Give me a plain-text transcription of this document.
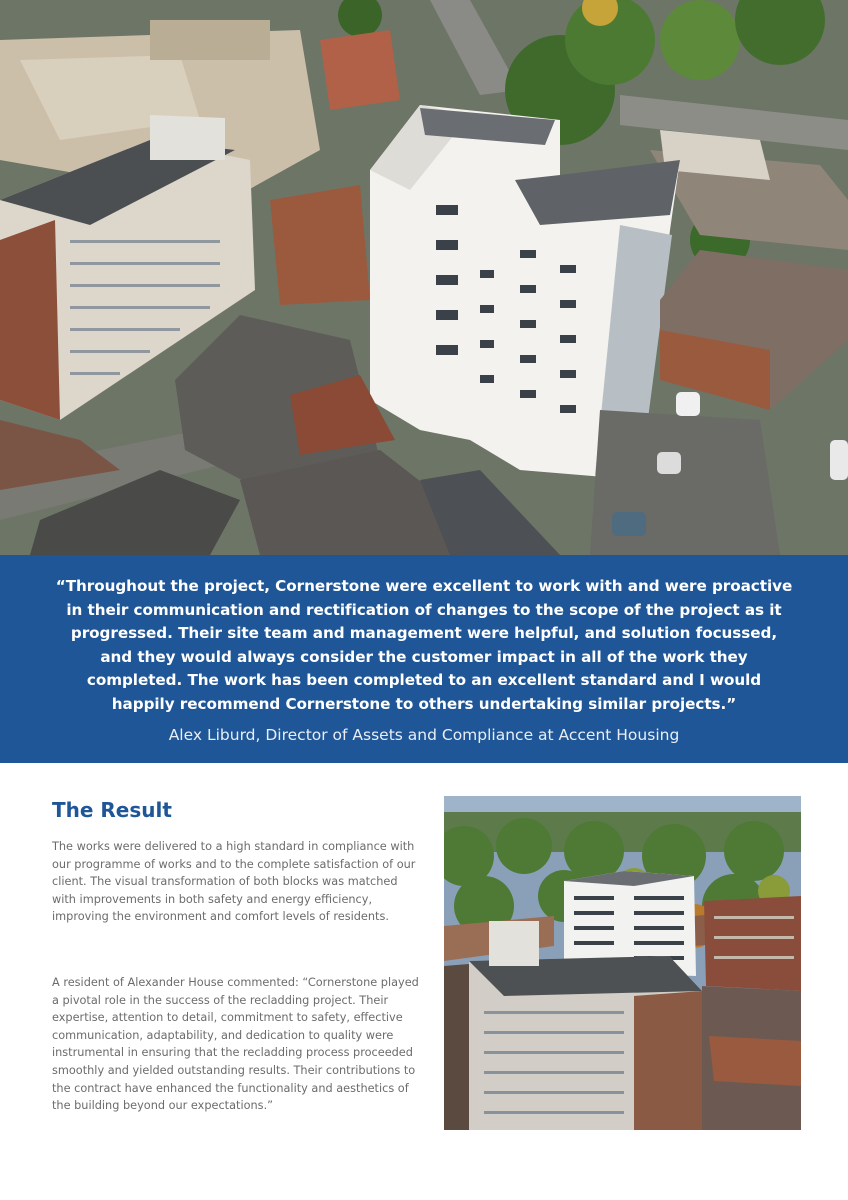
“Throughout the project, Cornerstone were excellent to work with and were proactive in their communication and rectification of changes to the scope of the project as it progressed. Their site team and management were helpful, and solution focussed, and they would always consider the customer impact in all of the work they completed. The work has been completed to an excellent standard and I would happily recommend Cornerstone to others undertaking similar projects.”

Alex Liburd, Director of Assets and Compliance at Accent Housing
The Result

The works were delivered to a high standard in compliance with our programme of works and to the complete satisfaction of our client. The visual transformation of both blocks was matched with improvements in both safety and energy efficiency, improving the environment and comfort levels of residents.

A resident of Alexander House commented: “Cornerstone played a pivotal role in the success of the recladding project. Their expertise, attention to detail, commitment to safety, effective communication, adaptability, and dedication to quality were instrumental in ensuring that the recladding process proceeded smoothly and yielded outstanding results. Their contributions to the contract have enhanced the functionality and aesthetics of the building beyond our expectations.”
